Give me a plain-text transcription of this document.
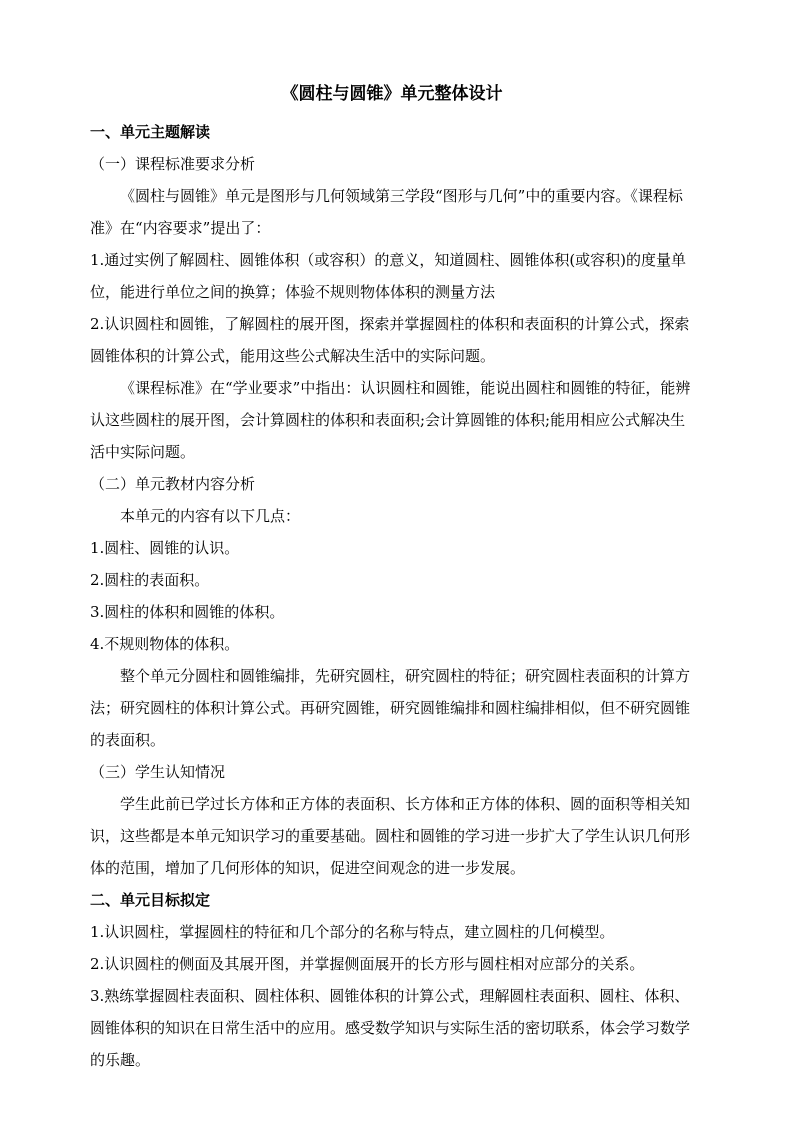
《圆柱与圆锥》单元整体设计
一、单元主题解读
（一）课程标准要求分析

《圆柱与圆锥》单元是图形与几何领域第三学段“图形与几何”中的重要内容。《课程标准》在“内容要求”提出了：

1.通过实例了解圆柱、圆锥体积（或容积）的意义，知道圆柱、圆锥体积(或容积)的度量单位，能进行单位之间的换算；体验不规则物体体积的测量方法

2.认识圆柱和圆锥，了解圆柱的展开图，探索并掌握圆柱的体积和表面积的计算公式，探索圆锥体积的计算公式，能用这些公式解决生活中的实际问题。

《课程标准》在“学业要求”中指出：认识圆柱和圆锥，能说出圆柱和圆锥的特征，能辨认这些圆柱的展开图，会计算圆柱的体积和表面积;会计算圆锥的体积;能用相应公式解决生活中实际问题。

（二）单元教材内容分析

本单元的内容有以下几点：

1.圆柱、圆锥的认识。

2.圆柱的表面积。

3.圆柱的体积和圆锥的体积。

4.不规则物体的体积。

整个单元分圆柱和圆锥编排，先研究圆柱，研究圆柱的特征；研究圆柱表面积的计算方法；研究圆柱的体积计算公式。再研究圆锥，研究圆锥编排和圆柱编排相似，但不研究圆锥的表面积。

（三）学生认知情况

学生此前已学过长方体和正方体的表面积、长方体和正方体的体积、圆的面积等相关知识，这些都是本单元知识学习的重要基础。圆柱和圆锥的学习进一步扩大了学生认识几何形体的范围，增加了几何形体的知识，促进空间观念的进一步发展。

二、单元目标拟定

1.认识圆柱，掌握圆柱的特征和几个部分的名称与特点，建立圆柱的几何模型。

2.认识圆柱的侧面及其展开图，并掌握侧面展开的长方形与圆柱相对应部分的关系。

3.熟练掌握圆柱表面积、圆柱体积、圆锥体积的计算公式，理解圆柱表面积、圆柱、体积、圆锥体积的知识在日常生活中的应用。感受数学知识与实际生活的密切联系，体会学习数学的乐趣。
